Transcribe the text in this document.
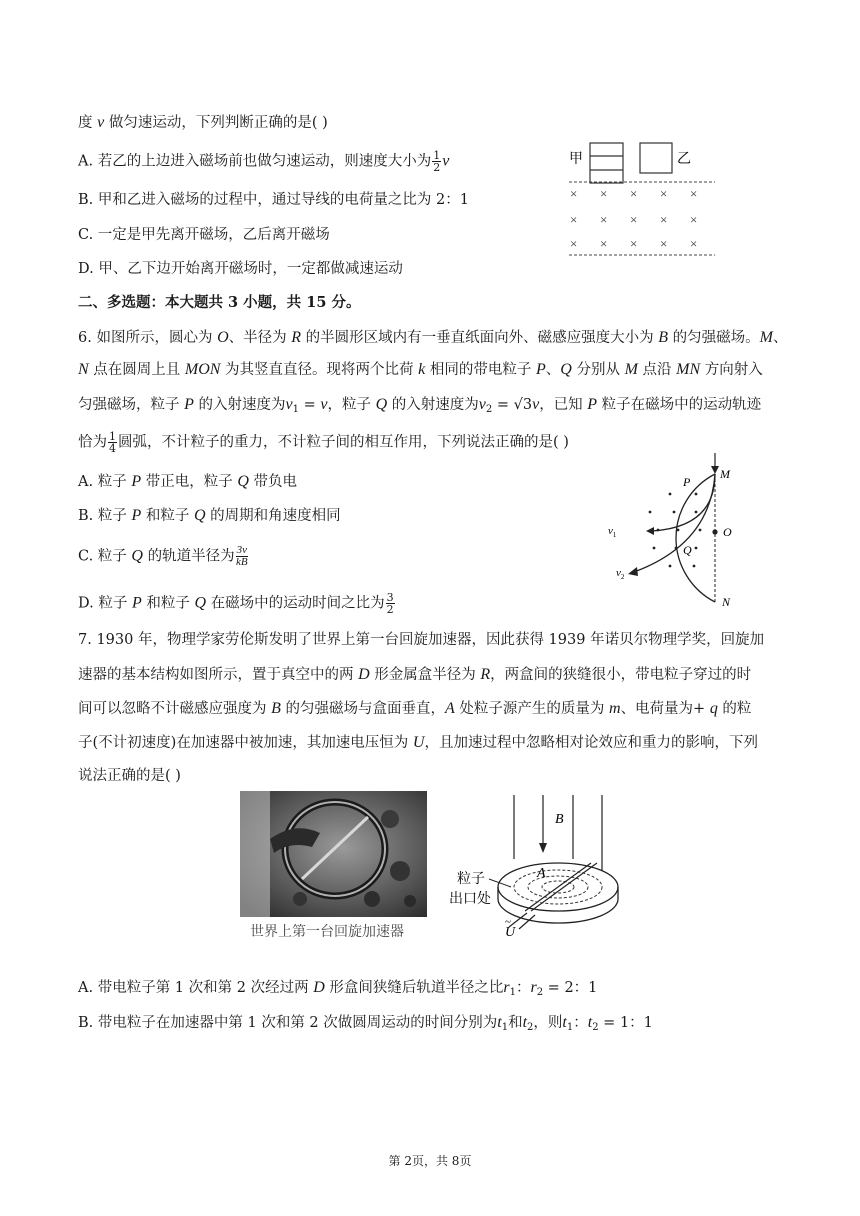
度 v 做匀速运动，下列判断正确的是( )
A. 若乙的上边进入磁场前也做匀速运动，则速度大小为 $\frac{1}{2}$ v
B. 甲和乙进入磁场的过程中，通过导线的电荷量之比为 2：1
C. 一定是甲先离开磁场，乙后离开磁场
D. 甲、乙下边开始离开磁场时，一定都做减速运动
甲	乙
× × × × ×
× × × × ×
× × × × ×
二、多选题：本大题共 3 小题，共 15 分。
6. 如图所示，圆心为 O、半径为 R 的半圆形区域内有一垂直纸面向外、磁感应强度大小为 B 的匀强磁场。M、
N 点在圆周上且 MON 为其竖直直径。现将两个比荷 k 相同的带电粒子 P、Q 分别从 M 点沿 MN 方向射入
匀强磁场，粒子 P 的入射速度为$v_1 = v$，粒子 Q 的入射速度为$v_2 = √3v$，已知 P 粒子在磁场中的运动轨迹
恰为 $\frac{1}{4}$ 圆弧，不计粒子的重力，不计粒子间的相互作用，下列说法正确的是( )
A. 粒子 P 带正电，粒子 Q 带负电
B. 粒子 P 和粒子 Q 的周期和角速度相同
C. 粒子 Q 的轨道半径为 $\frac{3v}{kB}$
D. 粒子 P 和粒子 Q 在磁场中的运动时间之比为 $\frac{3}{2}$
M
O
N
P
Q
$v_1$
$v_2$
7. 1930 年，物理学家劳伦斯发明了世界上第一台回旋加速器，因此获得 1939 年诺贝尔物理学奖，回旋加
速器的基本结构如图所示，置于真空中的两 D 形金属盒半径为 R，两盒间的狭缝很小，带电粒子穿过的时
间可以忽略不计磁感应强度为 B 的匀强磁场与盒面垂直，A 处粒子源产生的质量为 m、电荷量为+ q 的粒
子(不计初速度)在加速器中被加速，其加速电压恒为 U，且加速过程中忽略相对论效应和重力的影响，下列
说法正确的是( )
世界上第一台回旋加速器
B
A
粒子
出口处
U
~
A. 带电粒子第 1 次和第 2 次经过两 D 形盒间狭缝后轨道半径之比$r_1$：$r_2 = 2$：1
B. 带电粒子在加速器中第 1 次和第 2 次做圆周运动的时间分别为$t_1$和$t_2$，则$t_1$：$t_2 = 1$：1
第 2页，共 8页
